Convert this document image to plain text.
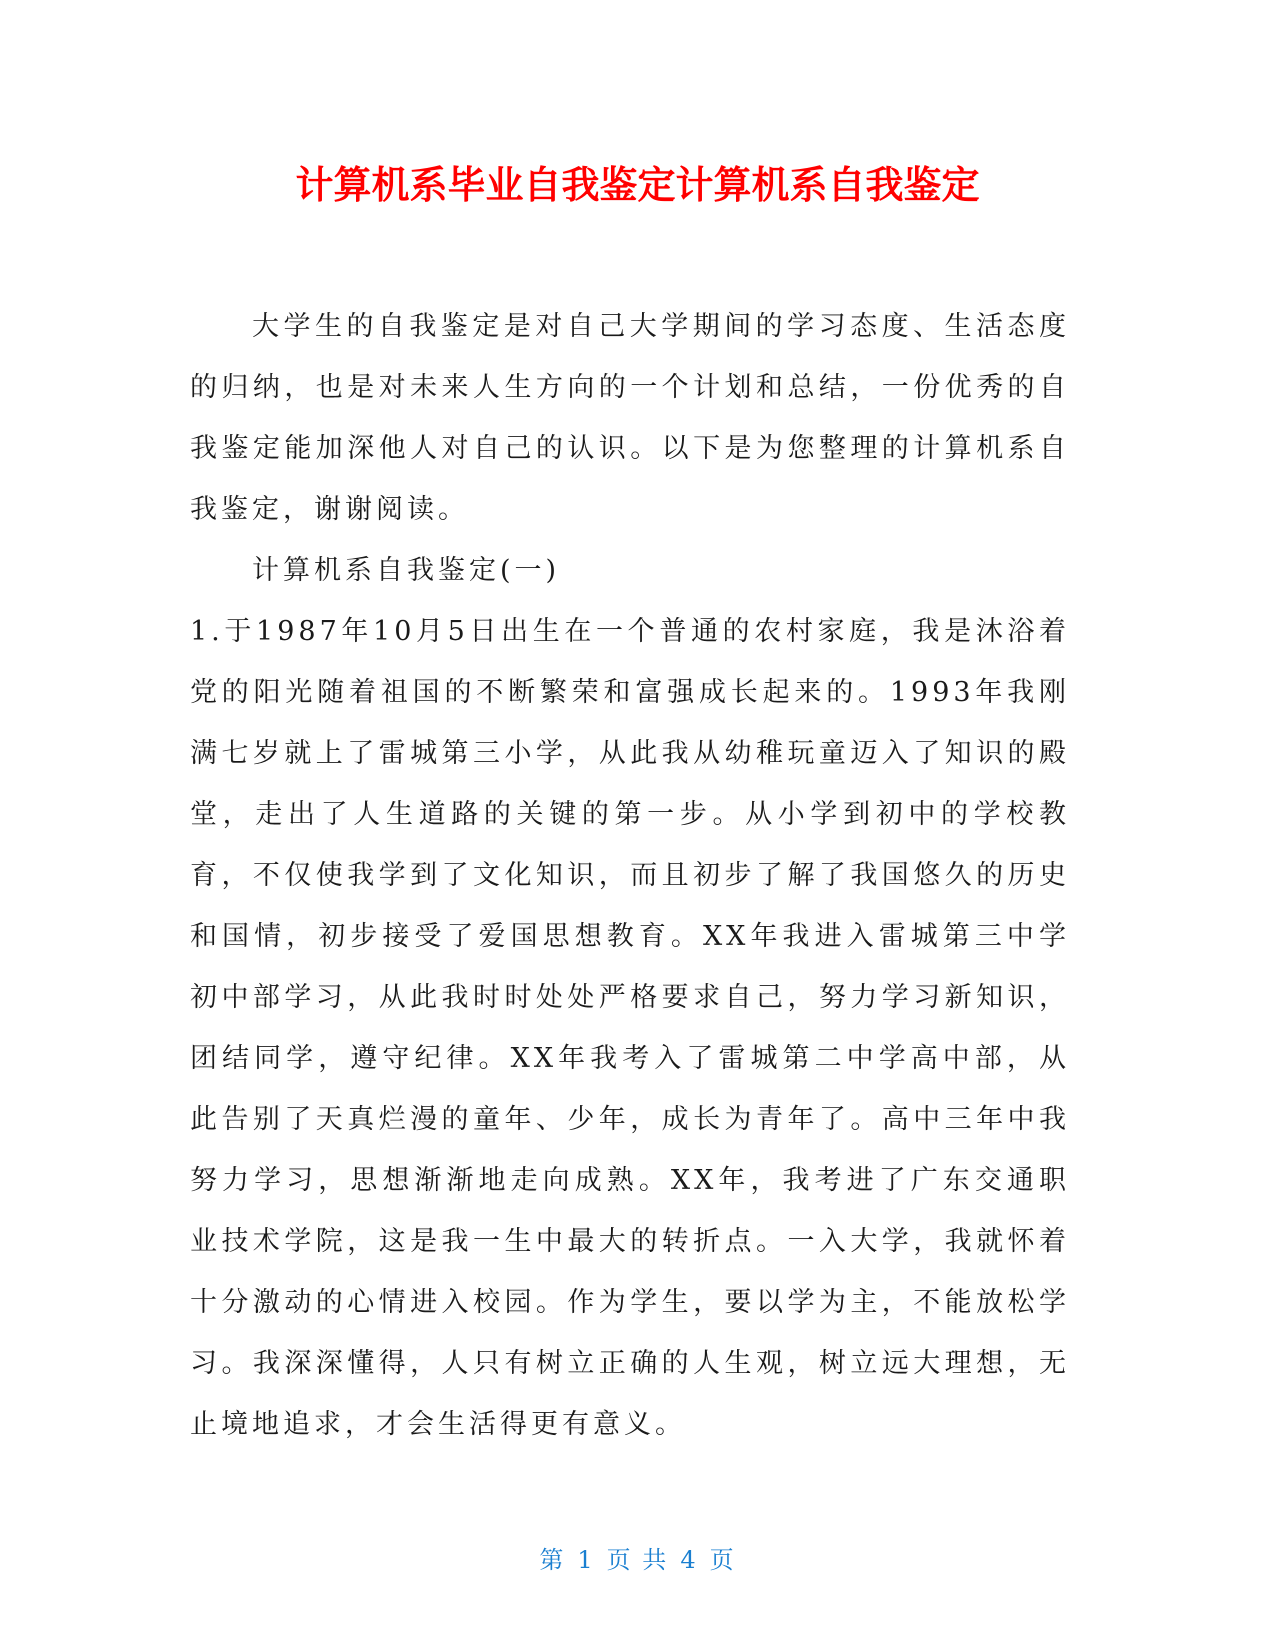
计算机系毕业自我鉴定计算机系自我鉴定

大学生的自我鉴定是对自己大学期间的学习态度、生活态度的归纳，也是对未来人生方向的一个计划和总结，一份优秀的自我鉴定能加深他人对自己的认识。以下是为您整理的计算机系自我鉴定，谢谢阅读。

计算机系自我鉴定(一)

1.于1987年10月5日出生在一个普通的农村家庭，我是沐浴着党的阳光随着祖国的不断繁荣和富强成长起来的。1993年我刚满七岁就上了雷城第三小学，从此我从幼稚玩童迈入了知识的殿堂，走出了人生道路的关键的第一步。从小学到初中的学校教育，不仅使我学到了文化知识，而且初步了解了我国悠久的历史和国情，初步接受了爱国思想教育。XX年我进入雷城第三中学初中部学习，从此我时时处处严格要求自己，努力学习新知识，团结同学，遵守纪律。XX年我考入了雷城第二中学高中部，从此告别了天真烂漫的童年、少年，成长为青年了。高中三年中我努力学习，思想渐渐地走向成熟。XX年，我考进了广东交通职业技术学院，这是我一生中最大的转折点。一入大学，我就怀着十分激动的心情进入校园。作为学生，要以学为主，不能放松学习。我深深懂得，人只有树立正确的人生观，树立远大理想，无止境地追求，才会生活得更有意义。

第 1 页 共 4 页
